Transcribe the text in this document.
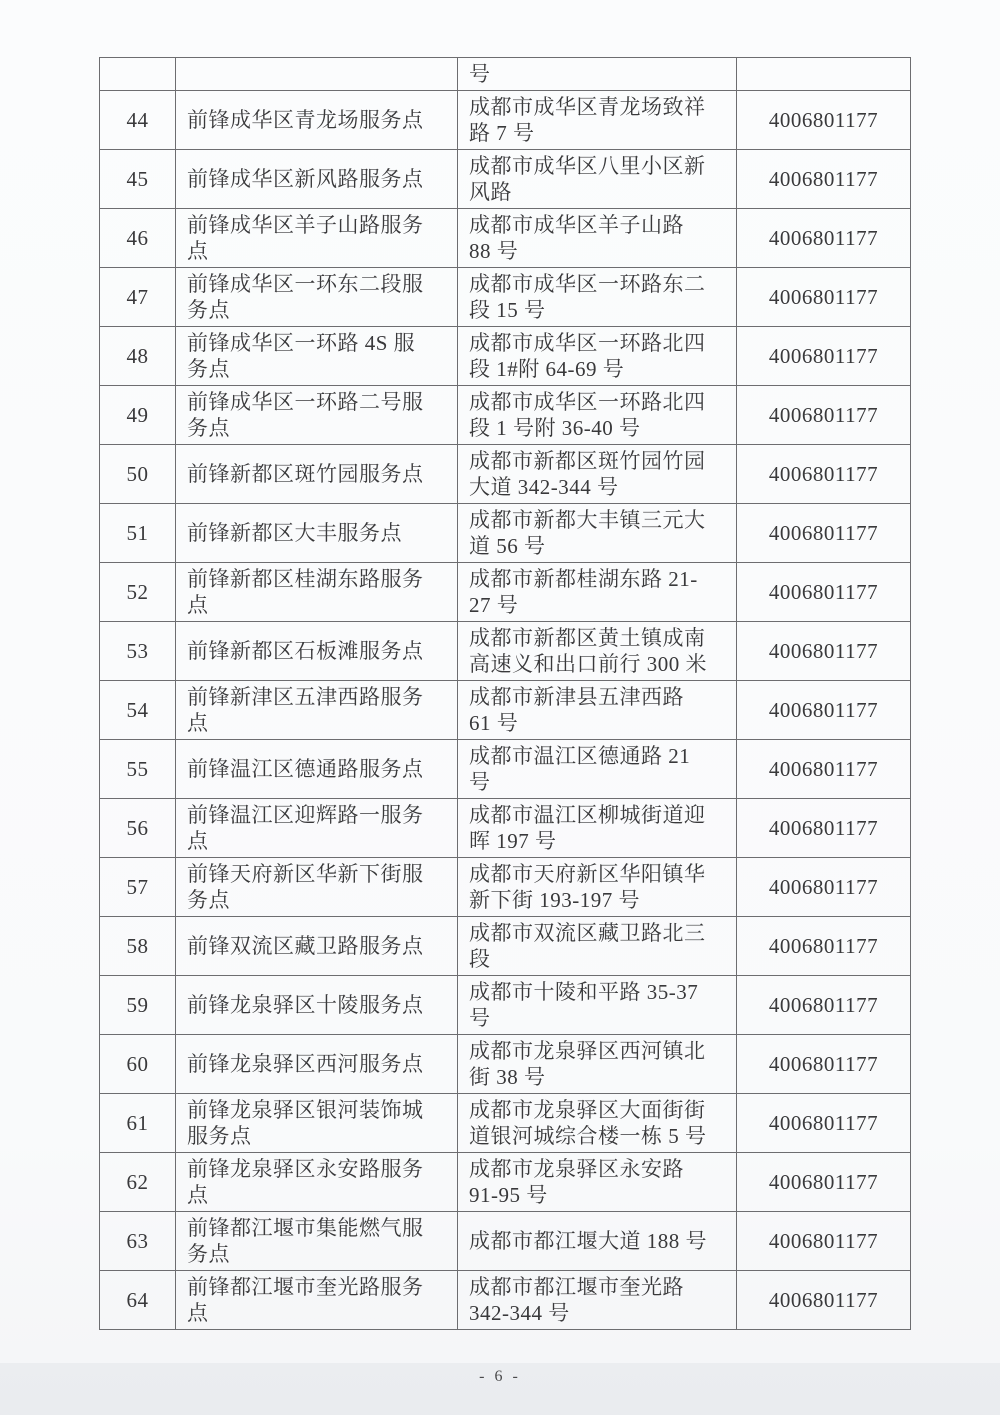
		号	
44	前锋成华区青龙场服务点	成都市成华区青龙场致祥路 7 号	4006801177
45	前锋成华区新风路服务点	成都市成华区八里小区新风路	4006801177
46	前锋成华区羊子山路服务点	成都市成华区羊子山路 88 号	4006801177
47	前锋成华区一环东二段服务点	成都市成华区一环路东二段 15 号	4006801177
48	前锋成华区一环路 4S 服务点	成都市成华区一环路北四段 1#附 64-69 号	4006801177
49	前锋成华区一环路二号服务点	成都市成华区一环路北四段 1 号附 36-40 号	4006801177
50	前锋新都区斑竹园服务点	成都市新都区斑竹园竹园大道 342-344 号	4006801177
51	前锋新都区大丰服务点	成都市新都大丰镇三元大道 56 号	4006801177
52	前锋新都区桂湖东路服务点	成都市新都桂湖东路 21-27 号	4006801177
53	前锋新都区石板滩服务点	成都市新都区黄土镇成南高速义和出口前行 300 米	4006801177
54	前锋新津区五津西路服务点	成都市新津县五津西路 61 号	4006801177
55	前锋温江区德通路服务点	成都市温江区德通路 21 号	4006801177
56	前锋温江区迎辉路一服务点	成都市温江区柳城街道迎晖 197 号	4006801177
57	前锋天府新区华新下街服务点	成都市天府新区华阳镇华新下街 193-197 号	4006801177
58	前锋双流区藏卫路服务点	成都市双流区藏卫路北三段	4006801177
59	前锋龙泉驿区十陵服务点	成都市十陵和平路 35-37 号	4006801177
60	前锋龙泉驿区西河服务点	成都市龙泉驿区西河镇北街 38 号	4006801177
61	前锋龙泉驿区银河装饰城服务点	成都市龙泉驿区大面街街道银河城综合楼一栋 5 号	4006801177
62	前锋龙泉驿区永安路服务点	成都市龙泉驿区永安路 91-95 号	4006801177
63	前锋都江堰市集能燃气服务点	成都市都江堰大道 188 号	4006801177
64	前锋都江堰市奎光路服务点	成都市都江堰市奎光路 342-344 号	4006801177
- 6 -
